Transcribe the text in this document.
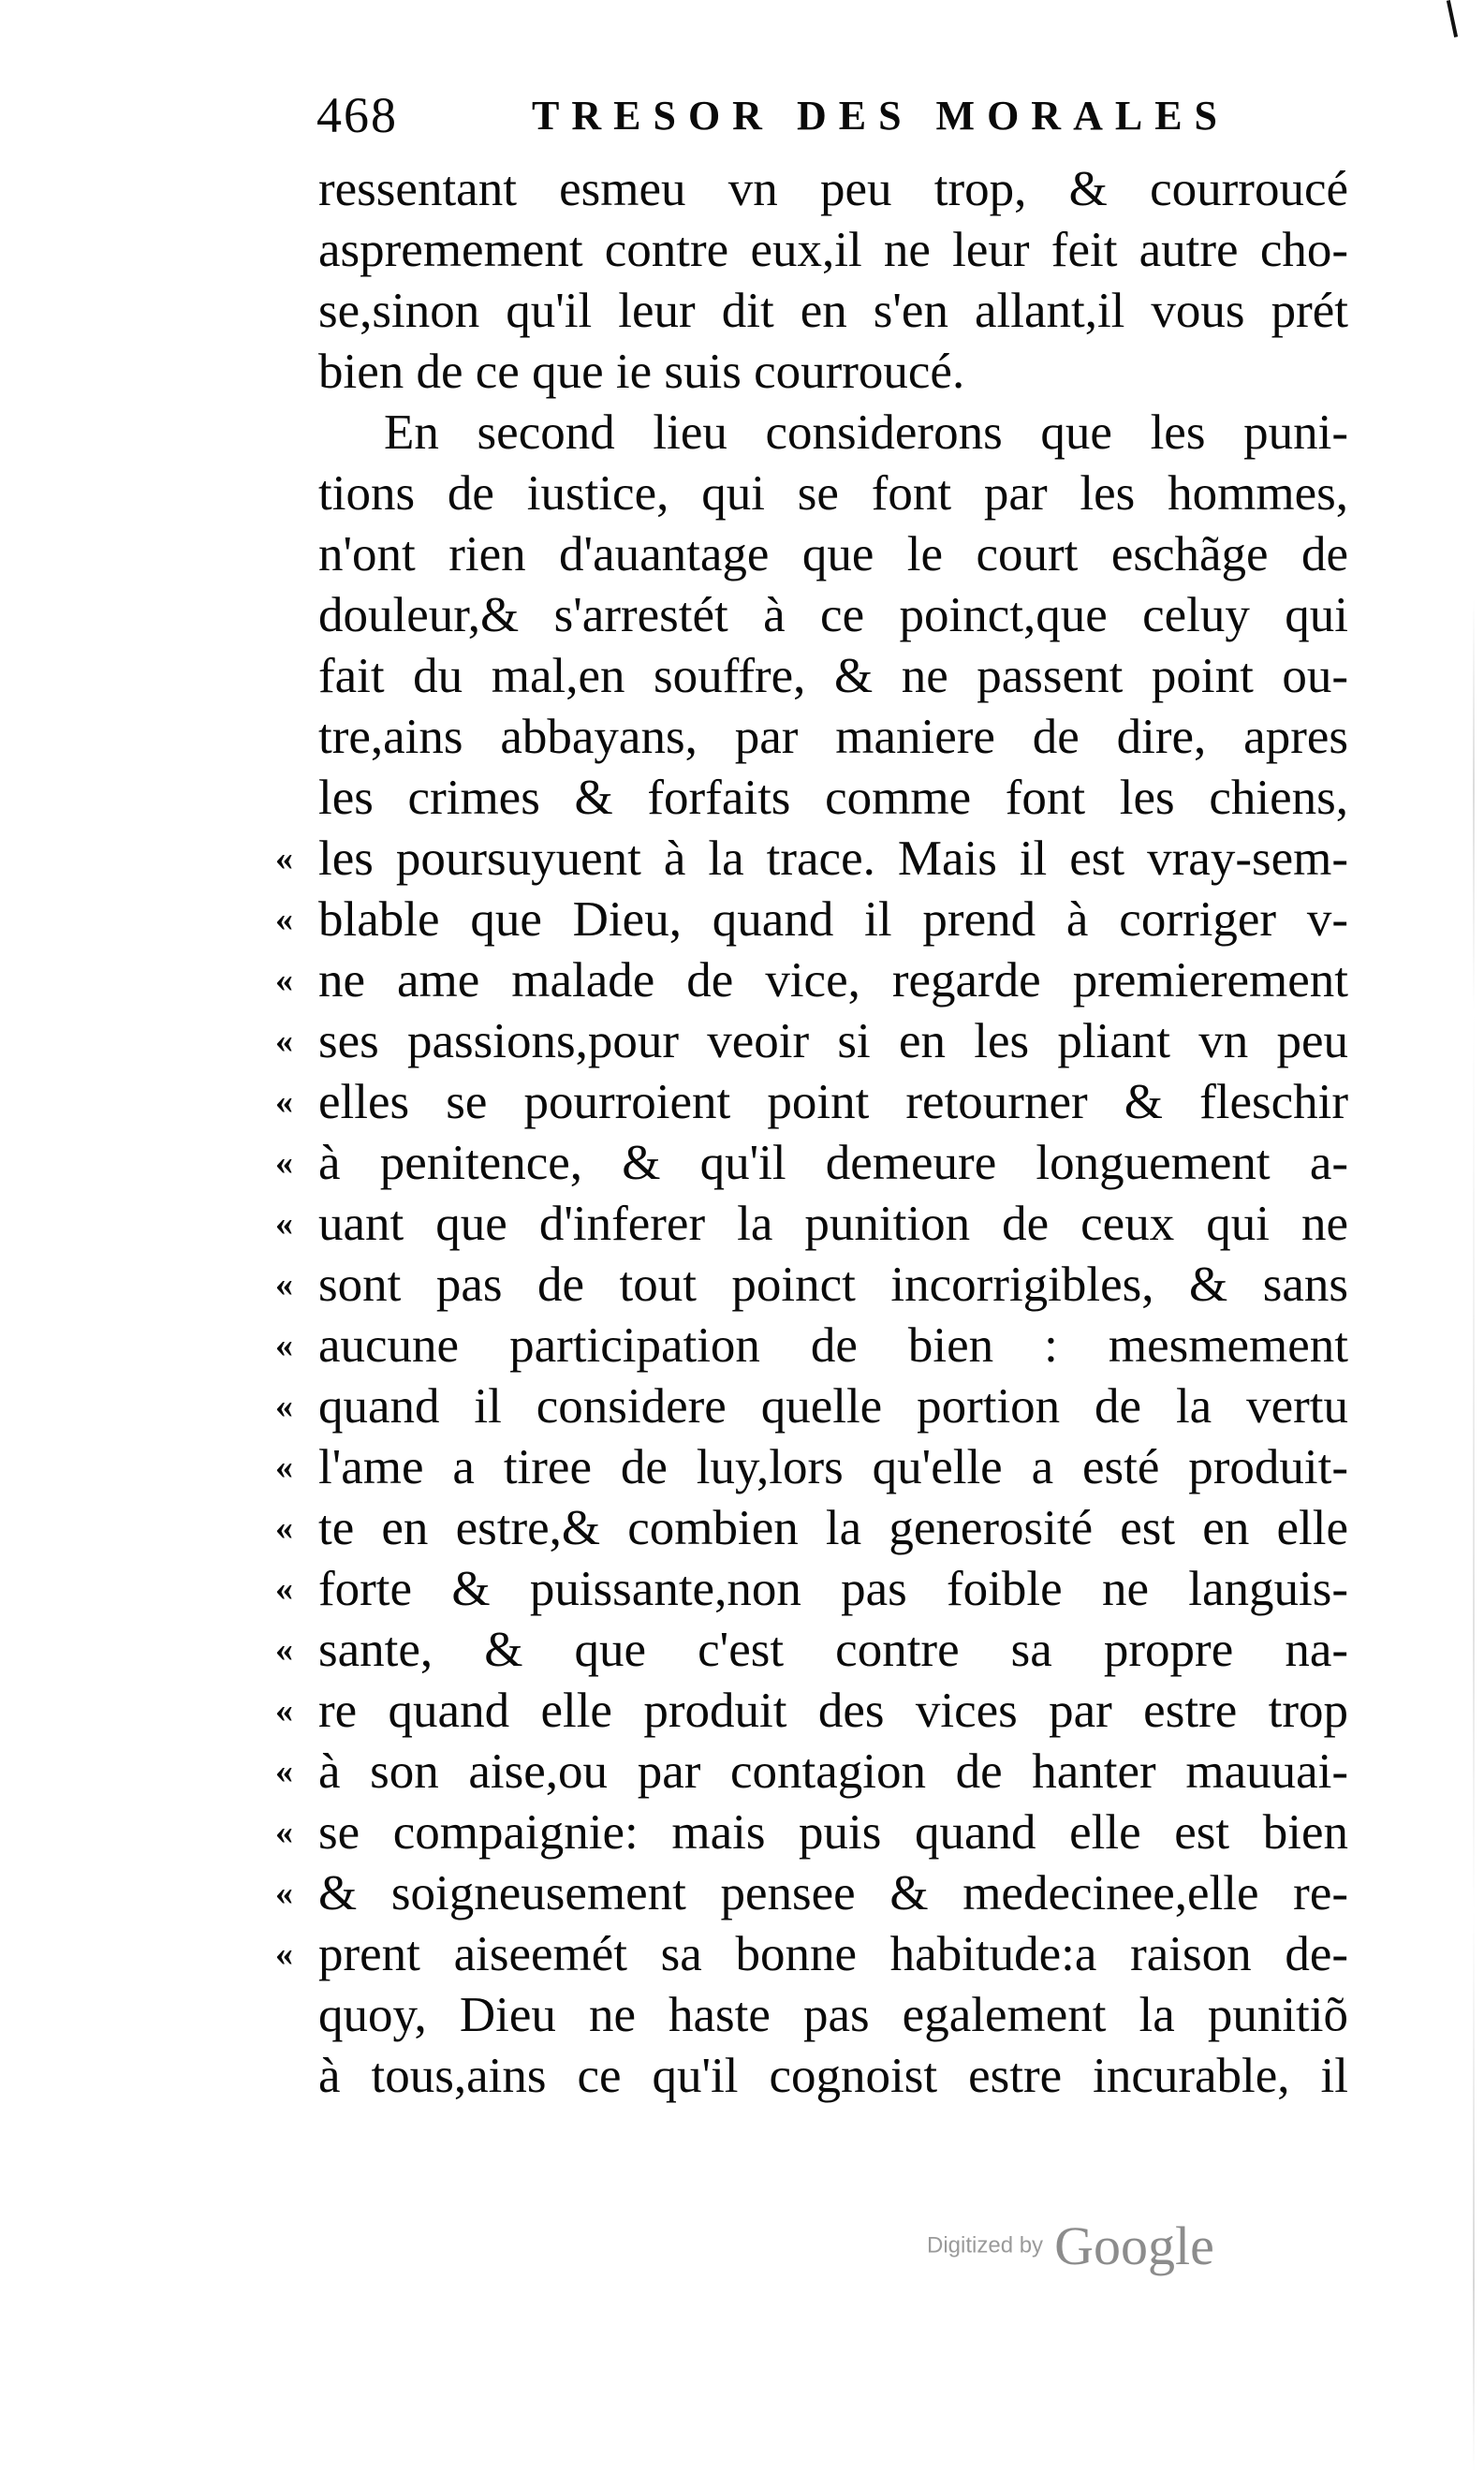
468	TRESOR DES MORALES
ressentant esmeu vn peu trop, & courroucé
aspremement contre eux,il ne leur feit autre cho-
se,sinon qu'il leur dit en s'en allant,il vous prét
bien de ce que ie suis courroucé.
En second lieu considerons que les puni-
tions de iustice, qui se font par les hommes,
n'ont rien d'auantage que le court eschãge de
douleur,& s'arrestét à ce poinct,que celuy qui
fait du mal,en souffre, & ne passent point ou-
tre,ains abbayans, par maniere de dire, apres
les crimes & forfaits comme font les chiens,
les poursuyuent à la trace. Mais il est vray-sem-
blable que Dieu, quand il prend à corriger v-
ne ame malade de vice, regarde premierement
ses passions,pour veoir si en les pliant vn peu
elles se pourroient point retourner & fleschir
à penitence, & qu'il demeure longuement a-
uant que d'inferer la punition de ceux qui ne
sont pas de tout poinct incorrigibles, & sans
aucune participation de bien : mesmement
quand il considere quelle portion de la vertu
l'ame a tiree de luy,lors qu'elle a esté produit-
te en estre,& combien la generosité est en elle
forte & puissante,non pas foible ne languis-
sante, & que c'est contre sa propre na-
re quand elle produit des vices par estre trop
à son aise,ou par contagion de hanter mauuai-
se compaignie: mais puis quand elle est bien
& soigneusement pensee & medecinee,elle re-
prent aiseemét sa bonne habitude:a raison de-
quoy, Dieu ne haste pas egalement la punitiõ
à tous,ains ce qu'il cognoist estre incurable, il
«
«
«
«
«
«
«
«
«
«
«
«
«
«
«
«
«
«
«
Digitized by Google
